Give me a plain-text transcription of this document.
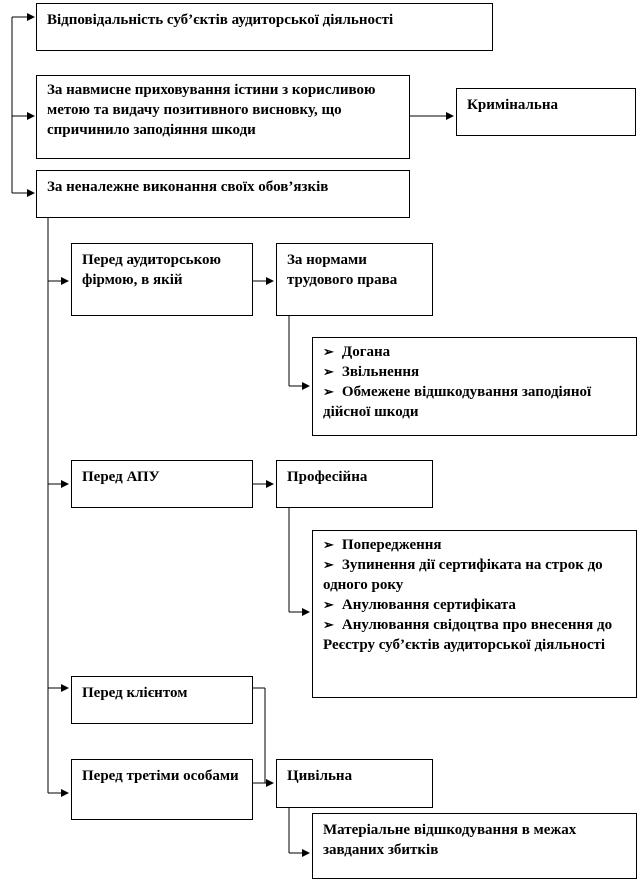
Відповідальність суб’єктів аудиторської діяльності
За навмисне приховування істини з корисливою метою та видачу позитивного висновку, що спричинило заподіяння шкоди
Кримінальна
За неналежне виконання своїх обов’язків
Перед аудиторською фірмою, в якій
За нормами трудового права
➢ Догана
➢ Звільнення
➢ Обмежене відшкодування заподіяної дійсної шкоди
Перед АПУ	Професійна
➢ Попередження
➢ Зупинення дії сертифіката на строк до одного року
➢ Анулювання сертифіката
➢ Анулювання свідоцтва про внесення до Реєстру суб’єктів аудиторської діяльності
Перед клієнтом
Перед третіми особами	Цивільна
Матеріальне відшкодування в межах завданих збитків
